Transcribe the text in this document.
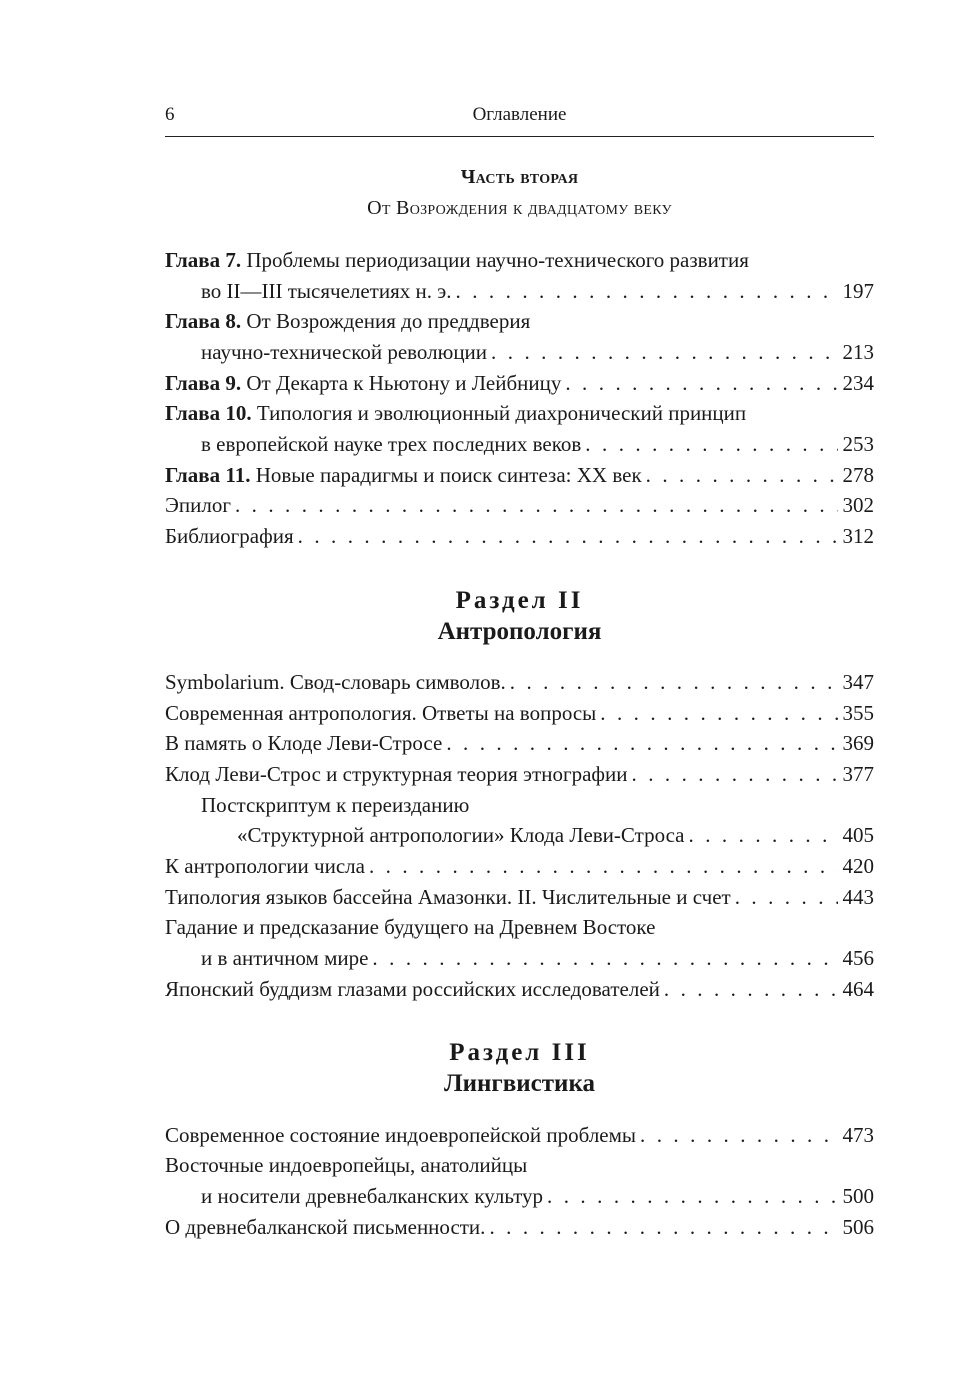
6	Оглавление
Часть вторая
От Возрождения к двадцатому веку
Глава 7. Проблемы периодизации научно-технического развития
во II—III тысячелетиях н. э. . . .	197
Глава 8. От Возрождения до преддверия
научно-технической революции . . .	213
Глава 9. От Декарта к Ньютону и Лейбницу . . .	234
Глава 10. Типология и эволюционный диахронический принцип
в европейской науке трех последних веков . . .	253
Глава 11. Новые парадигмы и поиск синтеза: XX век . . .	278
Эпилог . . .	302
Библиография . . .	312
Раздел II
Антропология
Symbolarium. Свод-словарь символов. . . .	347
Современная антропология. Ответы на вопросы . . .	355
В память о Клоде Леви-Стросе . . .	369
Клод Леви-Строс и структурная теория этнографии . . .	377
Постскриптум к переизданию
«Структурной антропологии» Клода Леви-Строса . . .	405
К антропологии числа . . .	420
Типология языков бассейна Амазонки. II. Числительные и счет . . .	443
Гадание и предсказание будущего на Древнем Востоке
и в античном мире . . .	456
Японский буддизм глазами российских исследователей . . .	464
Раздел III
Лингвистика
Современное состояние индоевропейской проблемы . . .	473
Восточные индоевропейцы, анатолийцы
и носители древнебалканских культур . . .	500
О древнебалканской письменности. . . .	506
